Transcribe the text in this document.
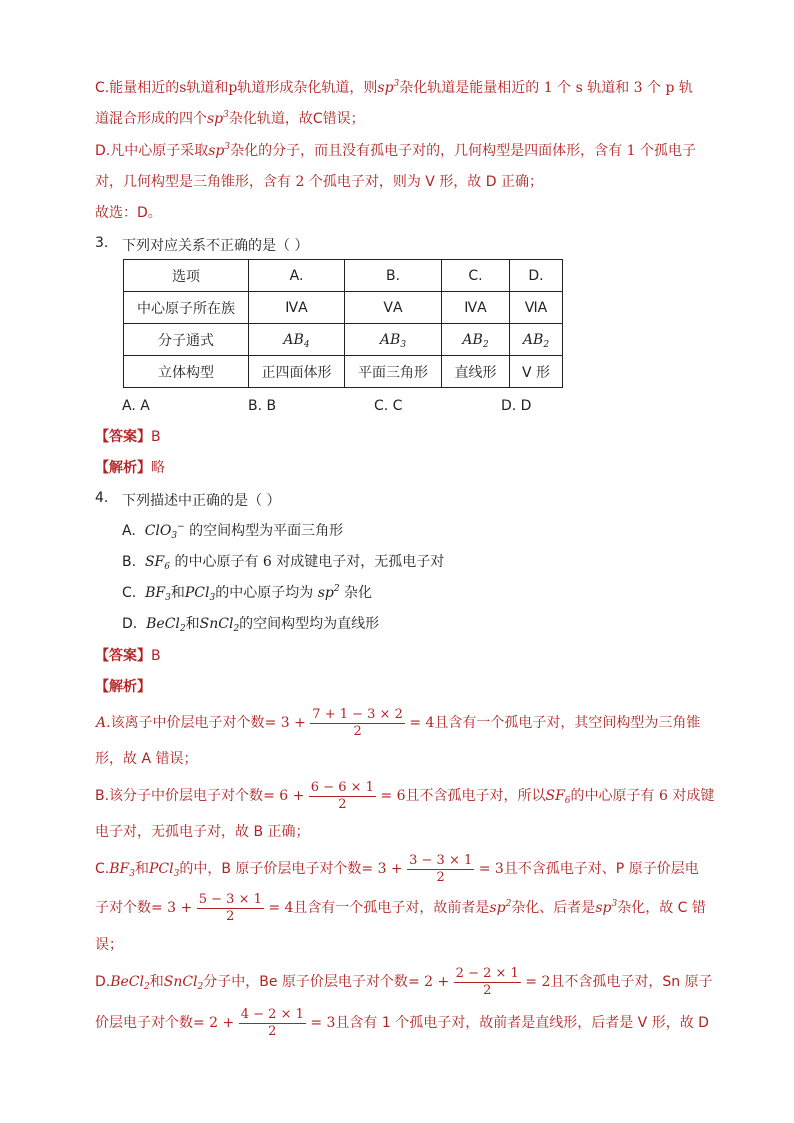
C.能量相近的s轨道和p轨道形成杂化轨道，则$sp^3$杂化轨道是能量相近的 1 个 s 轨道和 3 个 p 轨
道混合形成的四个$sp^3$杂化轨道，故C错误；
D.凡中心原子采取$sp^3$杂化的分子，而且没有孤电子对的，几何构型是四面体形，含有 1 个孤电子
对，几何构型是三角锥形，含有 2 个孤电子对，则为 V 形，故 D 正确；
故选：D。
3. 下列对应关系不正确的是（ ）
选项	A.	B.	C.	D.
中心原子所在族	ⅣA	ⅤA	ⅣA	ⅥA
分子通式	$AB_4$	$AB_3$	$AB_2$	$AB_2$
立体构型	正四面体形	平面三角形	直线形	V 形
A. A	B. B	C. C	D. D
【答案】B
【解析】略
4. 下列描述中正确的是（ ）
A. ClO$_3$− 的空间构型为平面三角形
B. $SF_6$ 的中心原子有 6 对成键电子对，无孤电子对
C. $BF_3$和PCl$_3$的中心原子均为 $sp^2$ 杂化
D. BeCl$_2$和SnCl$_2$的空间构型均为直线形
【答案】B
【解析】
A.该离子中价层电子对个数= $3 + \frac{7 + 1 - 3 \times 2}{2} = 4$且含有一个孤电子对，其空间构型为三角锥
形，故 A 错误；
B.该分子中价层电子对个数= $6 + \frac{6 - 6 \times 1}{2} = 6$且不含孤电子对，所以$SF_6$的中心原子有 6 对成键
电子对，无孤电子对，故 B 正确；
$C.BF_3$和PCl$_3$的中，B 原子价层电子对个数= $3 + \frac{3 - 3 \times 1}{2} = 3$且不含孤电子对、P 原子价层电
子对个数= $3 + \frac{5 - 3 \times 1}{2} = 4$且含有一个孤电子对，故前者是$sp^2$杂化、后者是$sp^3$杂化，故 C 错
误；
D.BeCl$_2$和SnCl$_2$分子中，Be 原子价层电子对个数= $2 + \frac{2 - 2 \times 1}{2} = 2$且不含孤电子对，Sn 原子
价层电子对个数= $2 + \frac{4 - 2 \times 1}{2} = 3$且含有 1 个孤电子对，故前者是直线形，后者是 V 形，故 D
